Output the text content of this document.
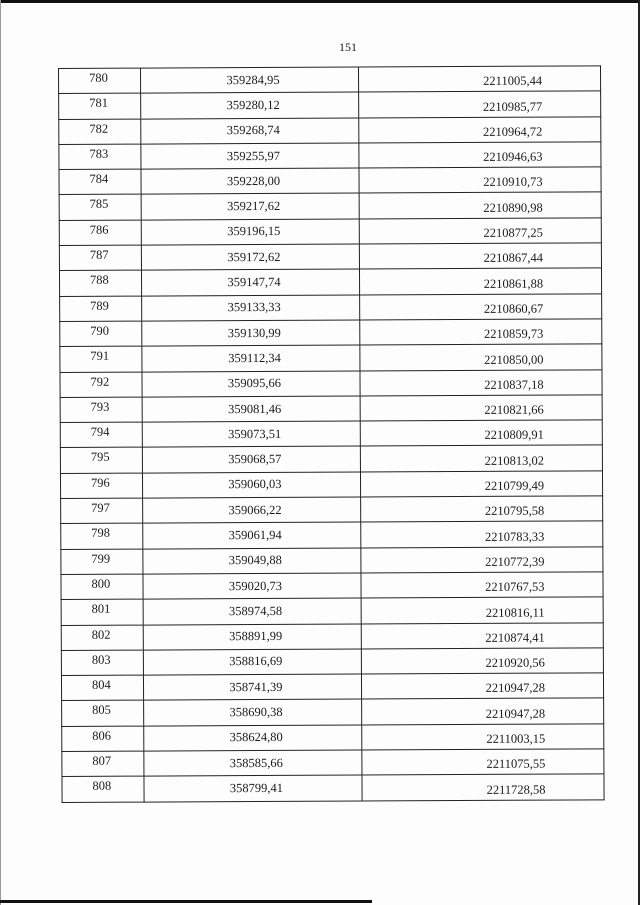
151
780	359284,95	2211005,44
781	359280,12	2210985,77
782	359268,74	2210964,72
783	359255,97	2210946,63
784	359228,00	2210910,73
785	359217,62	2210890,98
786	359196,15	2210877,25
787	359172,62	2210867,44
788	359147,74	2210861,88
789	359133,33	2210860,67
790	359130,99	2210859,73
791	359112,34	2210850,00
792	359095,66	2210837,18
793	359081,46	2210821,66
794	359073,51	2210809,91
795	359068,57	2210813,02
796	359060,03	2210799,49
797	359066,22	2210795,58
798	359061,94	2210783,33
799	359049,88	2210772,39
800	359020,73	2210767,53
801	358974,58	2210816,11
802	358891,99	2210874,41
803	358816,69	2210920,56
804	358741,39	2210947,28
805	358690,38	2210947,28
806	358624,80	2211003,15
807	358585,66	2211075,55
808	358799,41	2211728,58
